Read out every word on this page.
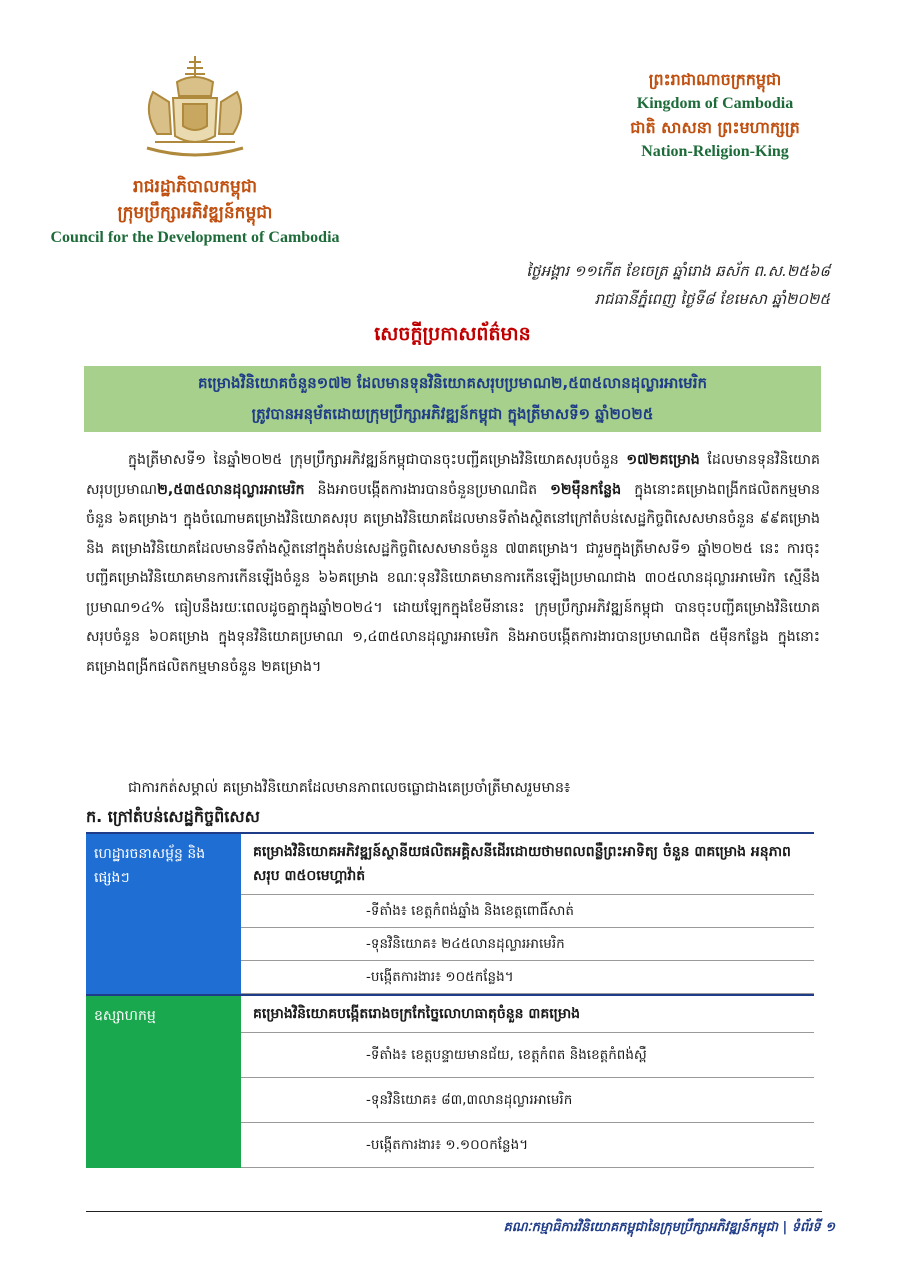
រាជរដ្ឋាភិបាលកម្ពុជា
ក្រុមប្រឹក្សាអភិវឌ្ឍន៍កម្ពុជា
Council for the Development of Cambodia
ព្រះរាជាណាចក្រកម្ពុជា
Kingdom of Cambodia
ជាតិ សាសនា ព្រះមហាក្សត្រ
Nation-Religion-King
ថ្ងៃអង្គារ ១១កើត ខែចេត្រ ឆ្នាំរោង ឆស័ក ព.ស.២៥៦៨
រាជធានីភ្នំពេញ ថ្ងៃទី៨ ខែមេសា ឆ្នាំ២០២៥
សេចក្តីប្រកាសព័ត៌មាន
គម្រោងវិនិយោគចំនួន១៧២ ដែលមានទុនវិនិយោគសរុបប្រមាណ២,៥៣៥លានដុល្លារអាមេរិក
ត្រូវបានអនុម័តដោយក្រុមប្រឹក្សាអភិវឌ្ឍន៍កម្ពុជា ក្នុងត្រីមាសទី១ ឆ្នាំ២០២៥

ក្នុងត្រីមាសទី១ នៃឆ្នាំ២០២៥ ក្រុមប្រឹក្សាអភិវឌ្ឍន៍កម្ពុជាបានចុះបញ្ជីគម្រោងវិនិយោគសរុបចំនួន ១៧២គម្រោង ដែលមានទុនវិនិយោគសរុបប្រមាណ២,៥៣៥លានដុល្លារអាមេរិក និងអាចបង្កើតការងារបានចំនួនប្រមាណជិត ១២ម៉ឺនកន្លែង ក្នុងនោះគម្រោងពង្រីកផលិតកម្មមានចំនួន ៦គម្រោង។ ក្នុងចំណោមគម្រោងវិនិយោគសរុប គម្រោងវិនិយោគដែលមានទីតាំងស្ថិតនៅក្រៅតំបន់សេដ្ឋកិច្ចពិសេសមានចំនួន ៩៩គម្រោង និង គម្រោងវិនិយោគដែលមានទីតាំងស្ថិតនៅក្នុងតំបន់សេដ្ឋកិច្ចពិសេសមានចំនួន ៧៣គម្រោង។ ជារួមក្នុងត្រីមាសទី១ ឆ្នាំ២០២៥ នេះ ការចុះបញ្ជីគម្រោងវិនិយោគមានការកើនឡើងចំនួន ៦៦គម្រោង ខណៈទុនវិនិយោគមានការកើនឡើងប្រមាណជាង ៣០៥លានដុល្លារអាមេរិក ស្មើនឹងប្រមាណ១៤% ធៀបនឹងរយៈពេលដូចគ្នាក្នុងឆ្នាំ២០២៤។ ដោយឡែកក្នុងខែមីនានេះ ក្រុមប្រឹក្សាអភិវឌ្ឍន៍កម្ពុជា បានចុះបញ្ជីគម្រោងវិនិយោគសរុបចំនួន ៦០គម្រោង ក្នុងទុនវិនិយោគប្រមាណ ១,៤៣៥លានដុល្លារអាមេរិក និងអាចបង្កើតការងារបានប្រមាណជិត ៥ម៉ឺនកន្លែង ក្នុងនោះគម្រោងពង្រីកផលិតកម្មមានចំនួន ២គម្រោង។

ជាការកត់សម្គាល់ គម្រោងវិនិយោគដែលមានភាពលេចធ្លោជាងគេប្រចាំត្រីមាសរួមមាន៖
ក. ក្រៅតំបន់សេដ្ឋកិច្ចពិសេស
ហេដ្ឋារចនាសម្ព័ន្ធ និងផ្សេងៗ
គម្រោងវិនិយោគអភិវឌ្ឍន៍ស្ថានីយផលិតអគ្គិសនីដើរដោយថាមពលពន្លឺព្រះអាទិត្យ ចំនួន ៣គម្រោង អនុភាពសរុប ៣៥០មេហ្គាវ៉ាត់
-ទីតាំង៖ ខេត្តកំពង់ឆ្នាំង និងខេត្តពោធិ៍សាត់
-ទុនវិនិយោគ៖ ២៤៥លានដុល្លារអាមេរិក
-បង្កើតការងារ៖ ១០៥កន្លែង។
ឧស្សាហកម្ម	គម្រោងវិនិយោគបង្កើតរោងចក្រកែច្នៃលោហធាតុចំនួន ៣គម្រោង
-ទីតាំង៖ ខេត្តបន្ទាយមានជ័យ, ខេត្តកំពត និងខេត្តកំពង់ស្ពឺ
-ទុនវិនិយោគ៖ ៨៣,៣លានដុល្លារអាមេរិក
-បង្កើតការងារ៖ ១.១០០កន្លែង។
គណៈកម្មាធិការវិនិយោគកម្ពុជានៃក្រុមប្រឹក្សាអភិវឌ្ឍន៍កម្ពុជា | ទំព័រទី ១
